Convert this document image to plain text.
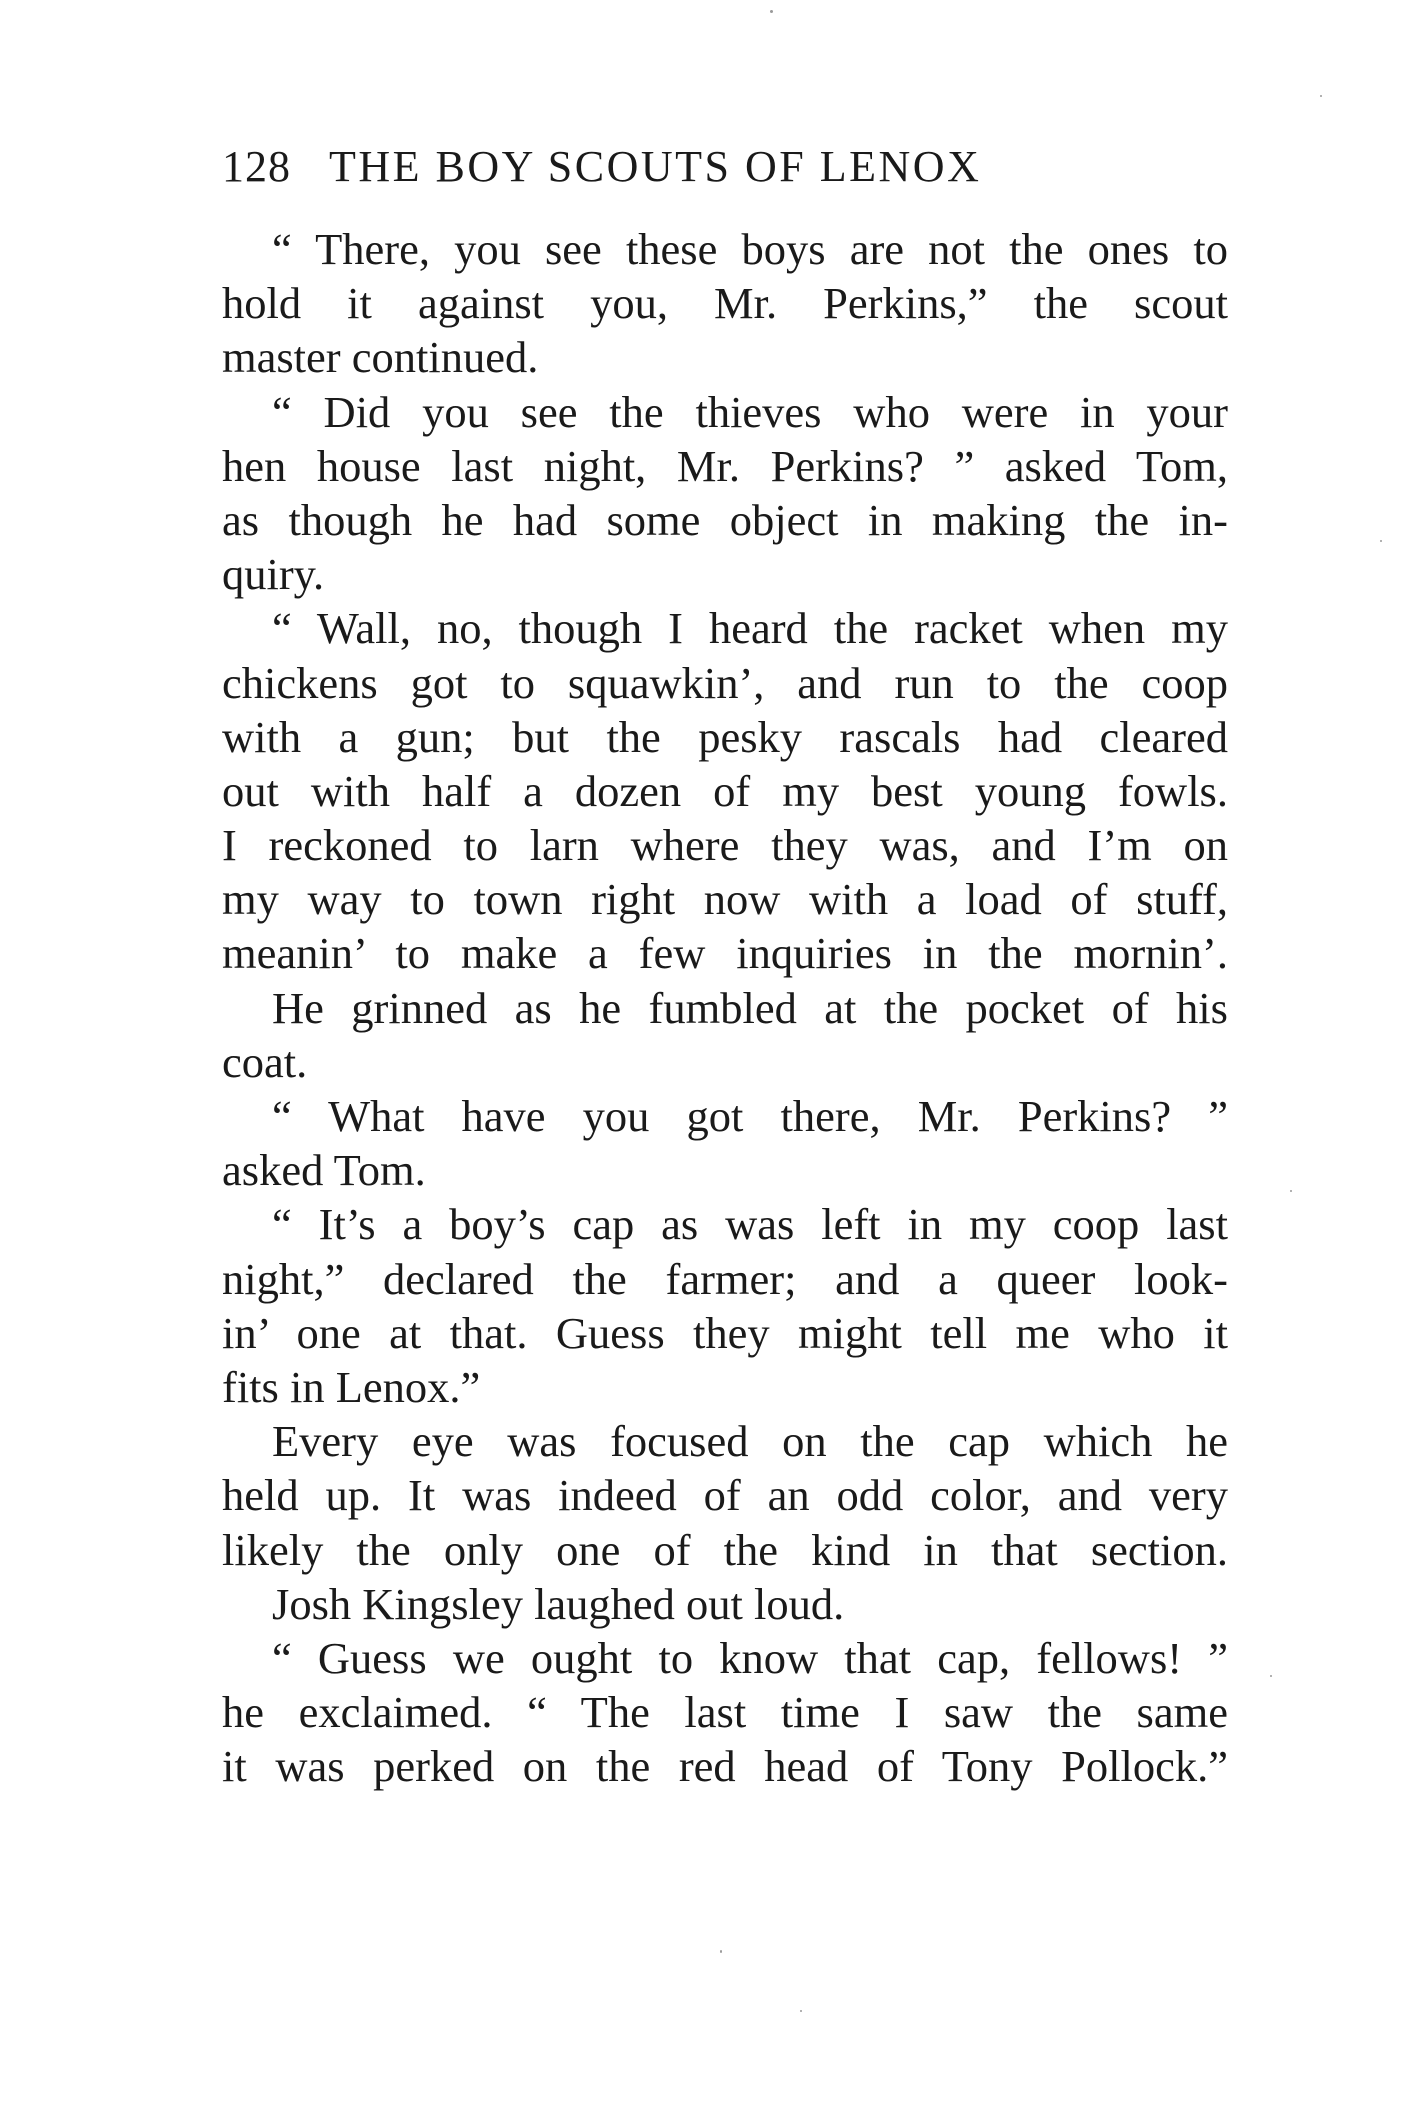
128 THE BOY SCOUTS OF LENOX
“ There, you see these boys are not the ones to
hold it against you, Mr. Perkins,” the scout
master continued.
“ Did you see the thieves who were in your
hen house last night, Mr. Perkins? ” asked Tom,
as though he had some object in making the in-
quiry.
“ Wall, no, though I heard the racket when my
chickens got to squawkin’, and run to the coop
with a gun; but the pesky rascals had cleared
out with half a dozen of my best young fowls.
I reckoned to larn where they was, and I’m on
my way to town right now with a load of stuff,
meanin’ to make a few inquiries in the mornin’.
He grinned as he fumbled at the pocket of his
coat.
“ What have you got there, Mr. Perkins? ”
asked Tom.
“ It’s a boy’s cap as was left in my coop last
night,” declared the farmer; and a queer look-
in’ one at that. Guess they might tell me who it
fits in Lenox.”
Every eye was focused on the cap which he
held up. It was indeed of an odd color, and very
likely the only one of the kind in that section.
Josh Kingsley laughed out loud.
“ Guess we ought to know that cap, fellows! ”
he exclaimed. “ The last time I saw the same
it was perked on the red head of Tony Pollock.”
